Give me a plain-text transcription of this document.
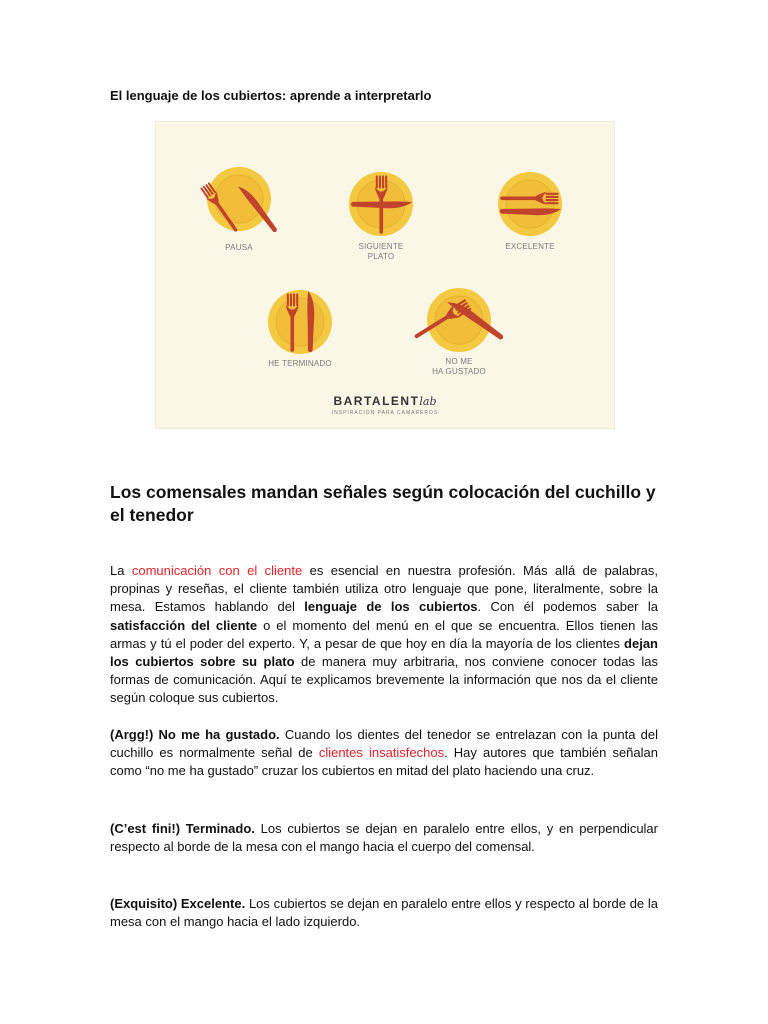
El lenguaje de los cubiertos: aprende a interpretarlo
PAUSA	SIGUIENTE
PLATO
EXCELENTE
HE TERMINADO	NO ME
HA GUSTADO
BARTALENTlab
INSPIRACIÓN PARA CAMAREROS
Los comensales mandan señales según colocación del cuchillo y el tenedor

La comunicación con el cliente es esencial en nuestra profesión. Más allá de palabras, propinas y reseñas, el cliente también utiliza otro lenguaje que pone, literalmente, sobre la mesa. Estamos hablando del lenguaje de los cubiertos. Con él podemos saber la satisfacción del cliente o el momento del menú en el que se encuentra. Ellos tienen las armas y tú el poder del experto. Y, a pesar de que hoy en día la mayoría de los clientes dejan los cubiertos sobre su plato de manera muy arbitraria, nos conviene conocer todas las formas de comunicación. Aquí te explicamos brevemente la información que nos da el cliente según coloque sus cubiertos.

(Argg!) No me ha gustado. Cuando los dientes del tenedor se entrelazan con la punta del cuchillo es normalmente señal de clientes insatisfechos. Hay autores que también señalan como “no me ha gustado” cruzar los cubiertos en mitad del plato haciendo una cruz.

(C’est fini!) Terminado. Los cubiertos se dejan en paralelo entre ellos, y en perpendicular respecto al borde de la mesa con el mango hacia el cuerpo del comensal.

(Exquisito) Excelente. Los cubiertos se dejan en paralelo entre ellos y respecto al borde de la mesa con el mango hacia el lado izquierdo.
